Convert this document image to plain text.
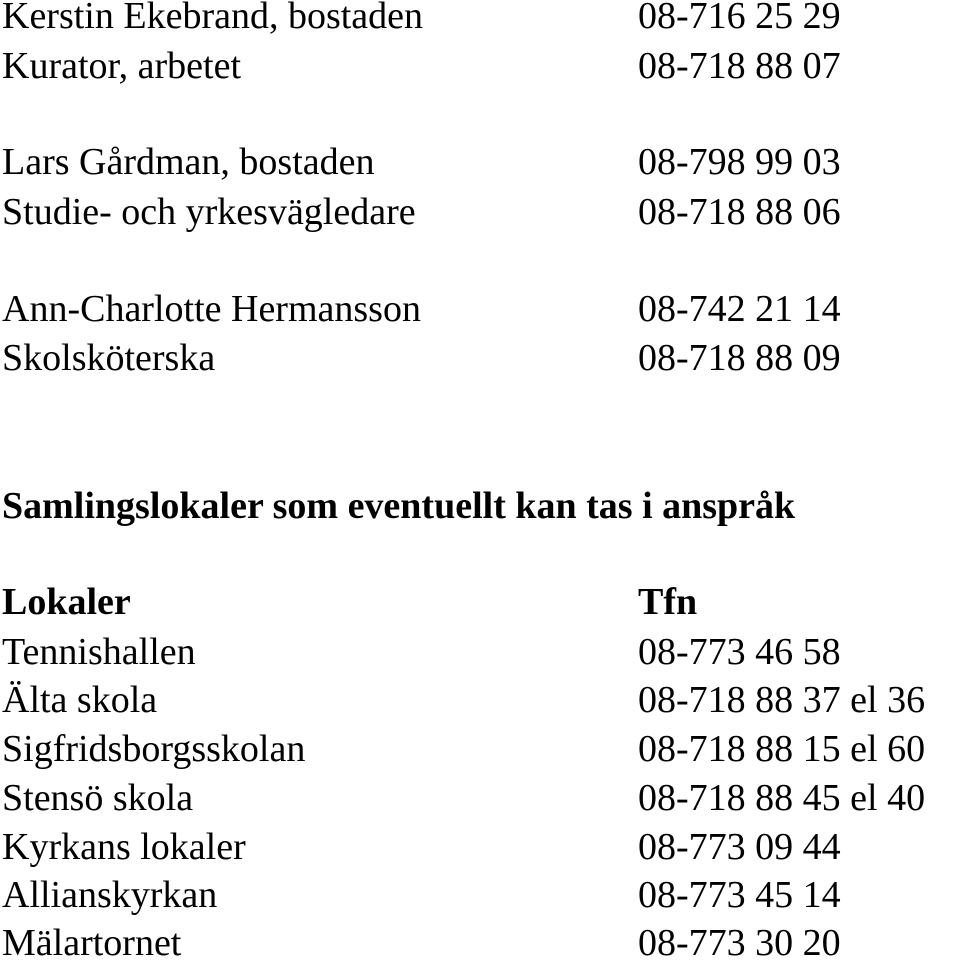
Kerstin Ekebrand, bostaden	08-716 25 29
Kurator, arbetet	08-718 88 07
Lars Gårdman, bostaden	08-798 99 03
Studie- och yrkesvägledare	08-718 88 06
Ann-Charlotte Hermansson	08-742 21 14
Skolsköterska	08-718 88 09
Samlingslokaler som eventuellt kan tas i anspråk
Lokaler	Tfn
Tennishallen	08-773 46 58
Älta skola	08-718 88 37 el 36
Sigfridsborgsskolan	08-718 88 15 el 60
Stensö skola	08-718 88 45 el 40
Kyrkans lokaler	08-773 09 44
Allianskyrkan	08-773 45 14
Mälartornet	08-773 30 20
